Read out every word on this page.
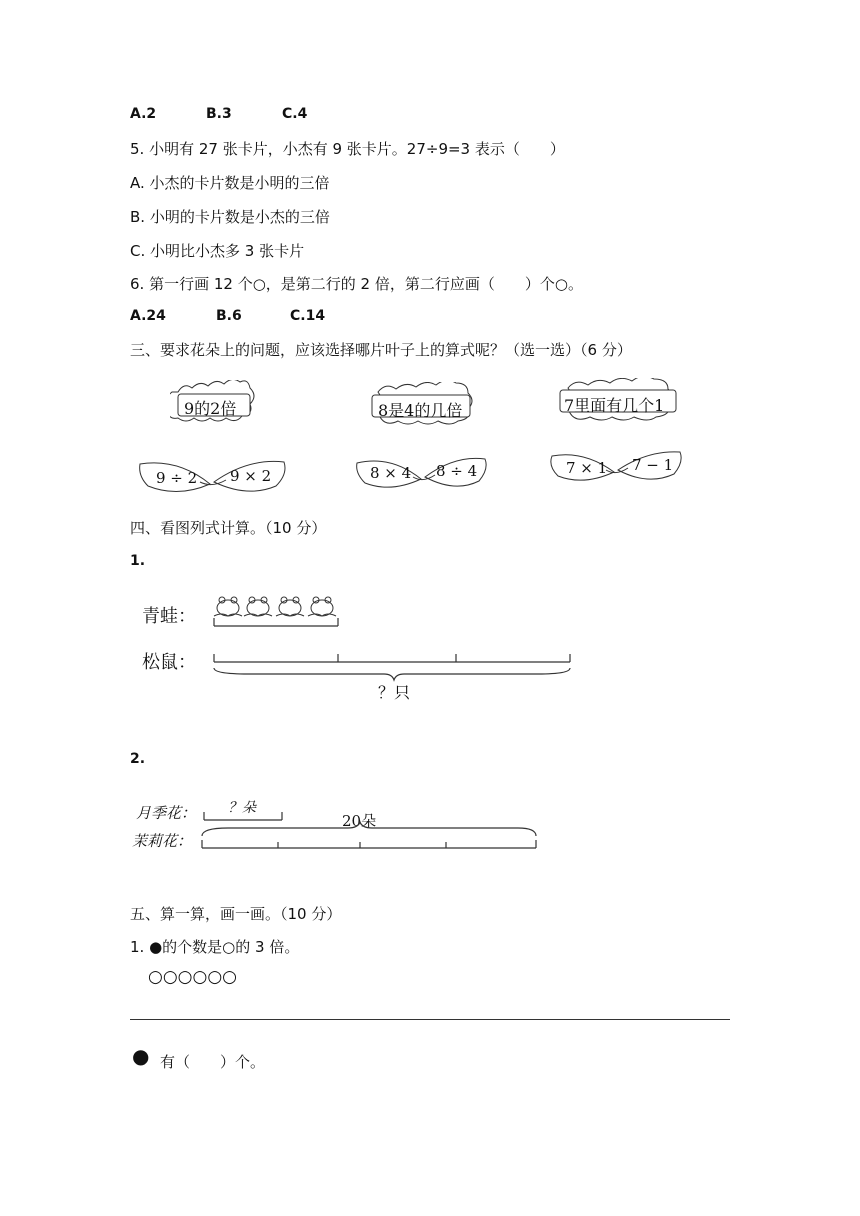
A.2	B.3	C.4
5. 小明有 27 张卡片，小杰有 9 张卡片。27÷9=3 表示（　　）
A. 小杰的卡片数是小明的三倍
B. 小明的卡片数是小杰的三倍
C. 小明比小杰多 3 张卡片
6. 第一行画 12 个○，是第二行的 2 倍，第二行应画（　　）个○。
A.24	B.6	C.14
三、要求花朵上的问题，应该选择哪片叶子上的算式呢？（选一选）（6 分）
9的2倍	8是4的几倍	7里面有几个1
9 ÷ 2 9 × 2	8 × 4 8 ÷ 4	7 × 1 7 − 1
四、看图列式计算。（10 分）
1.
青蛙：
松鼠：
？只
2.
月季花： ？朵
20朵
茉莉花：
五、算一算，画一画。（10 分）
1. ●的个数是○的 3 倍。
○○○○○○
● 有（　　）个。
